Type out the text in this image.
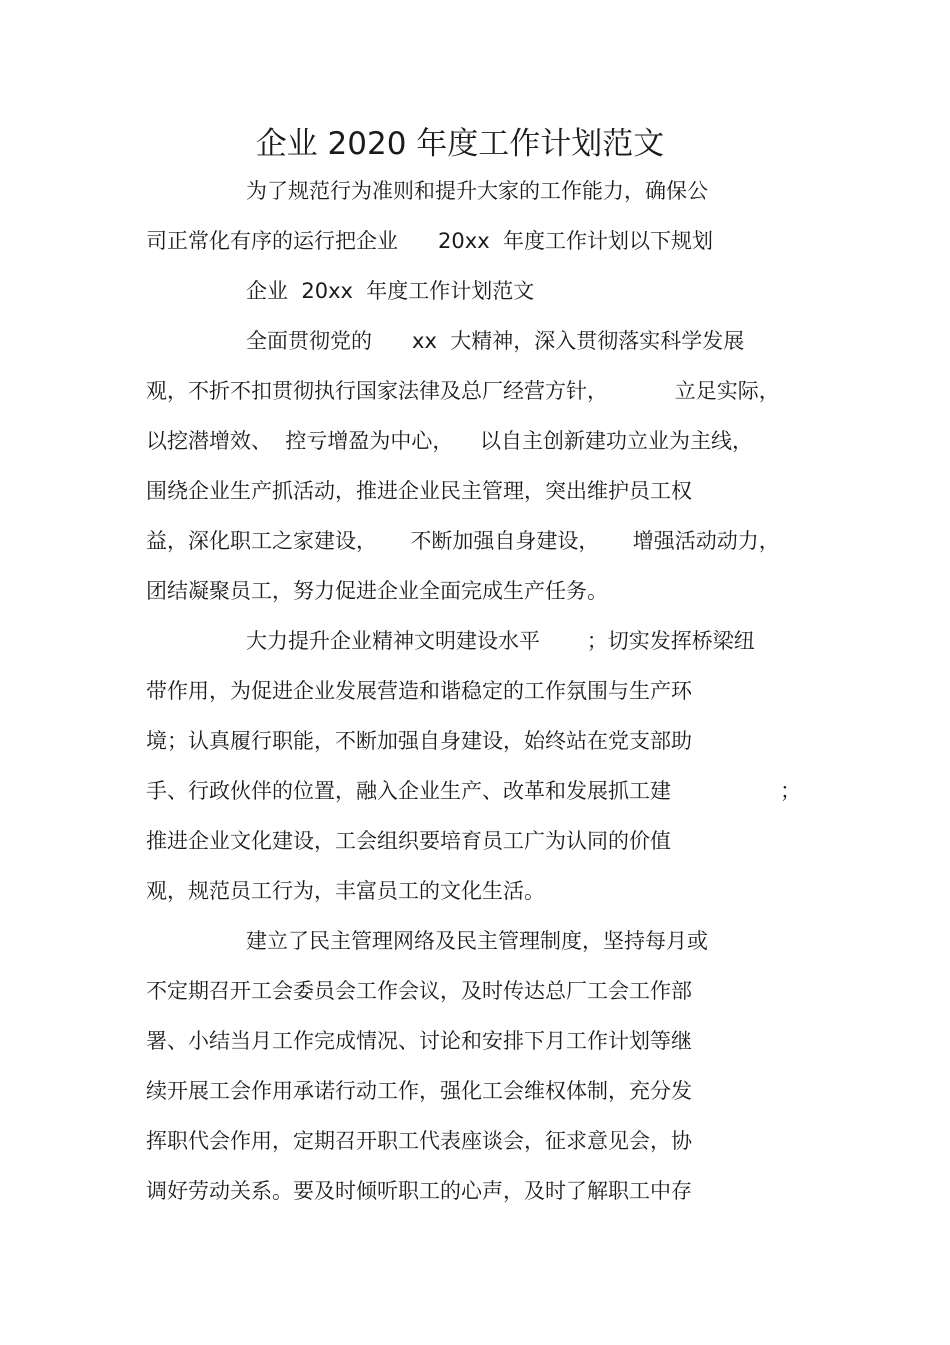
企业 2020 年度工作计划范文
为了规范行为准则和提升大家的工作能力，确保公
司正常化有序的运行把企业      20xx  年度工作计划以下规划
企业  20xx  年度工作计划范文
全面贯彻党的      xx  大精神，深入贯彻落实科学发展
观，不折不扣贯彻执行国家法律及总厂经营方针，          立足实际，
以挖潜增效、  控亏增盈为中心，    以自主创新建功立业为主线，
围绕企业生产抓活动，推进企业民主管理，突出维护员工权
益，深化职工之家建设，     不断加强自身建设，     增强活动动力，
团结凝聚员工，努力促进企业全面完成生产任务。
大力提升企业精神文明建设水平       ；切实发挥桥梁纽
带作用，为促进企业发展营造和谐稳定的工作氛围与生产环
境；认真履行职能，不断加强自身建设，始终站在党支部助
手、行政伙伴的位置，融入企业生产、改革和发展抓工建	；
推进企业文化建设，工会组织要培育员工广为认同的价值
观，规范员工行为，丰富员工的文化生活。
建立了民主管理网络及民主管理制度，坚持每月或
不定期召开工会委员会工作会议，及时传达总厂工会工作部
署、小结当月工作完成情况、讨论和安排下月工作计划等继
续开展工会作用承诺行动工作，强化工会维权体制，充分发
挥职代会作用，定期召开职工代表座谈会，征求意见会，协
调好劳动关系。要及时倾听职工的心声，及时了解职工中存
